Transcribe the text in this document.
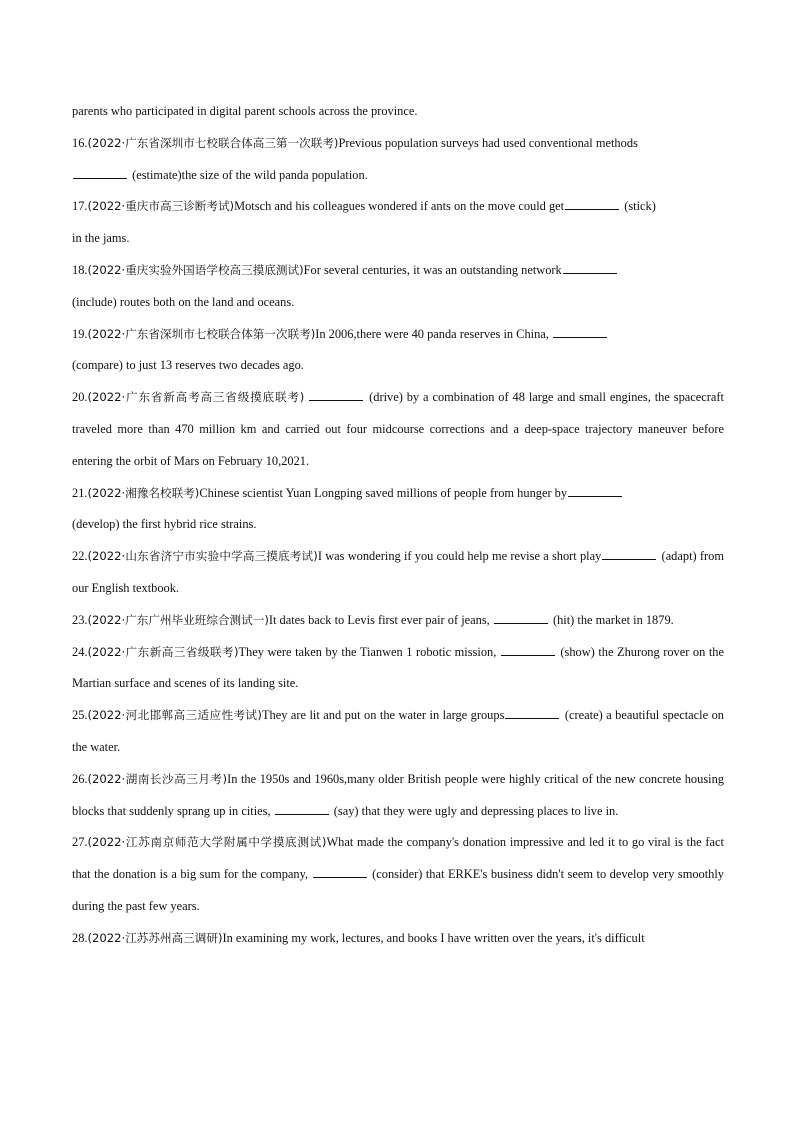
parents who participated in digital parent schools across the province.

16.(2022·广东省深圳市七校联合体高三第一次联考)Previous population surveys had used conventional methods
(estimate)the size of the wild panda population.

17.(2022·重庆市高三诊断考试)Motsch and his colleagues wondered if ants on the move could get	(stick)
in the jams.

18.(2022·重庆实验外国语学校高三摸底测试)For several centuries, it was an outstanding network
(include) routes both on the land and oceans.

19.(2022·广东省深圳市七校联合体第一次联考)In 2006,there were 40 panda reserves in China,
(compare) to just 13 reserves two decades ago.

20.(2022·广东省新高考高三省级摸底联考)	(drive) by a combination of 48 large and small engines, the spacecraft traveled more than 470 million km and carried out four midcourse corrections and a deep-space trajectory maneuver before entering the orbit of Mars on February 10,2021.

21.(2022·湘豫名校联考)Chinese scientist Yuan Longping saved millions of people from hunger by
(develop) the first hybrid rice strains.

22.(2022·山东省济宁市实验中学高三摸底考试)I was wondering if you could help me revise a short play	(adapt) from our English textbook.

23.(2022·广东广州毕业班综合测试一)It dates back to Levis first ever pair of jeans,	(hit) the market in 1879.

24.(2022·广东新高三省级联考)They were taken by the Tianwen 1 robotic mission,	(show) the Zhurong rover on the Martian surface and scenes of its landing site.

25.(2022·河北邯郸高三适应性考试)They are lit and put on the water in large groups	(create) a beautiful spectacle on the water.

26.(2022·湖南长沙高三月考)In the 1950s and 1960s,many older British people were highly critical of the new concrete housing blocks that suddenly sprang up in cities,	(say) that they were ugly and depressing places to live in.

27.(2022·江苏南京师范大学附属中学摸底测试)What made the company's donation impressive and led it to go viral is the fact that the donation is a big sum for the company,	(consider) that ERKE's business didn't seem to develop very smoothly during the past few years.

28.(2022·江苏苏州高三调研)In examining my work, lectures, and books I have written over the years, it's difficult
